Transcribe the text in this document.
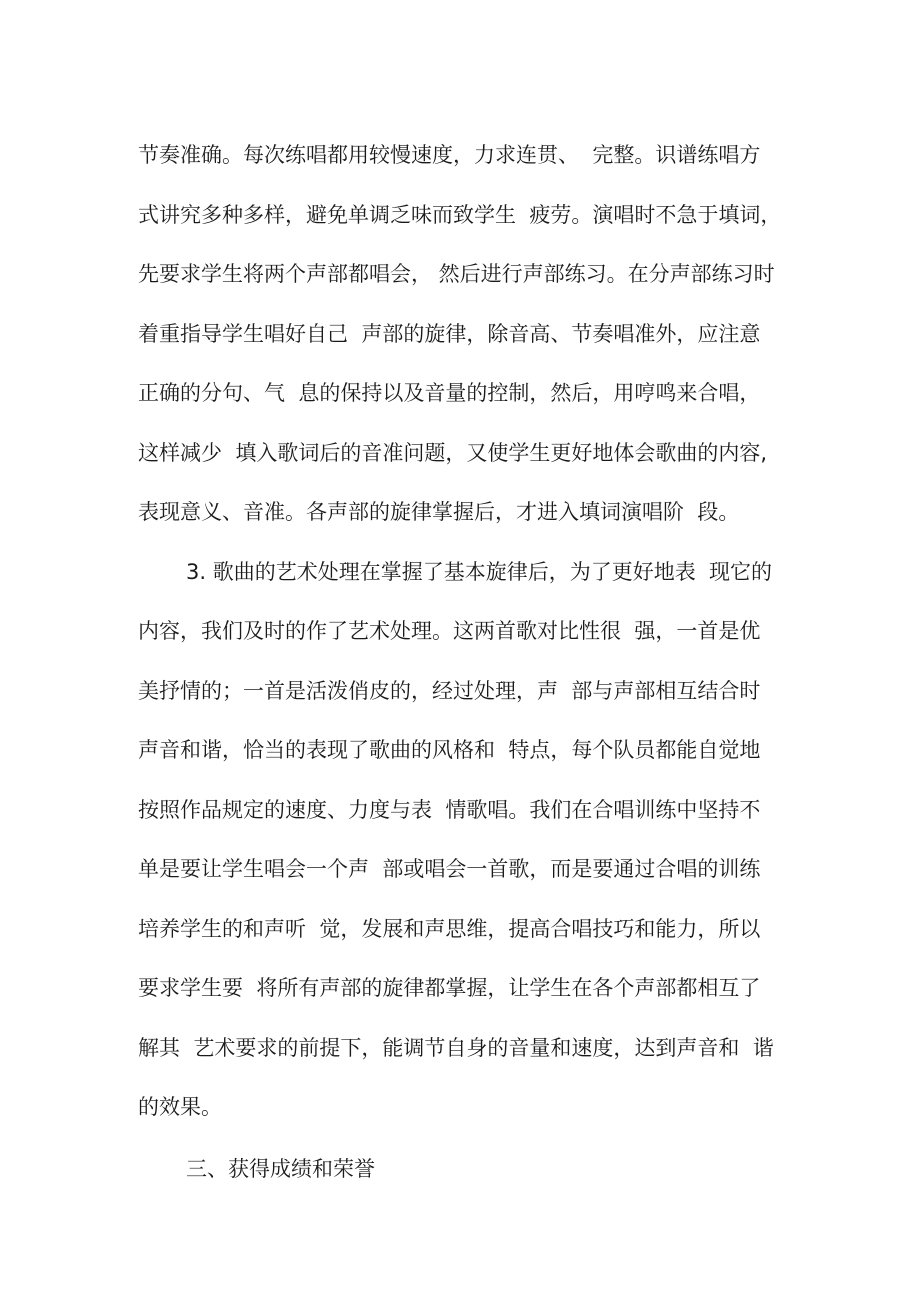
节奏准确。每次练唱都用较慢速度，力求连贯、  完整。识谱练唱方
式讲究多种多样，避免单调乏味而致学生  疲劳。演唱时不急于填词，
先要求学生将两个声部都唱会， 然后进行声部练习。在分声部练习时
着重指导学生唱好自己  声部的旋律，除音高、节奏唱准外，应注意
正确的分句、气  息的保持以及音量的控制，然后，用哼鸣来合唱，
这样减少  填入歌词后的音准问题，又使学生更好地体会歌曲的内容,
表现意义、音准。各声部的旋律掌握后，才进入填词演唱阶  段。
3. 歌曲的艺术处理在掌握了基本旋律后，为了更好地表  现它的
内容，我们及时的作了艺术处理。这两首歌对比性很  强，一首是优
美抒情的；一首是活泼俏皮的，经过处理，声  部与声部相互结合时
声音和谐，恰当的表现了歌曲的风格和  特点，每个队员都能自觉地
按照作品规定的速度、力度与表  情歌唱。我们在合唱训练中坚持不
单是要让学生唱会一个声  部或唱会一首歌，而是要通过合唱的训练
培养学生的和声听  觉，发展和声思维，提高合唱技巧和能力，所以
要求学生要  将所有声部的旋律都掌握，让学生在各个声部都相互了
解其  艺术要求的前提下，能调节自身的音量和速度，达到声音和  谐
的效果。
三、获得成绩和荣誉
